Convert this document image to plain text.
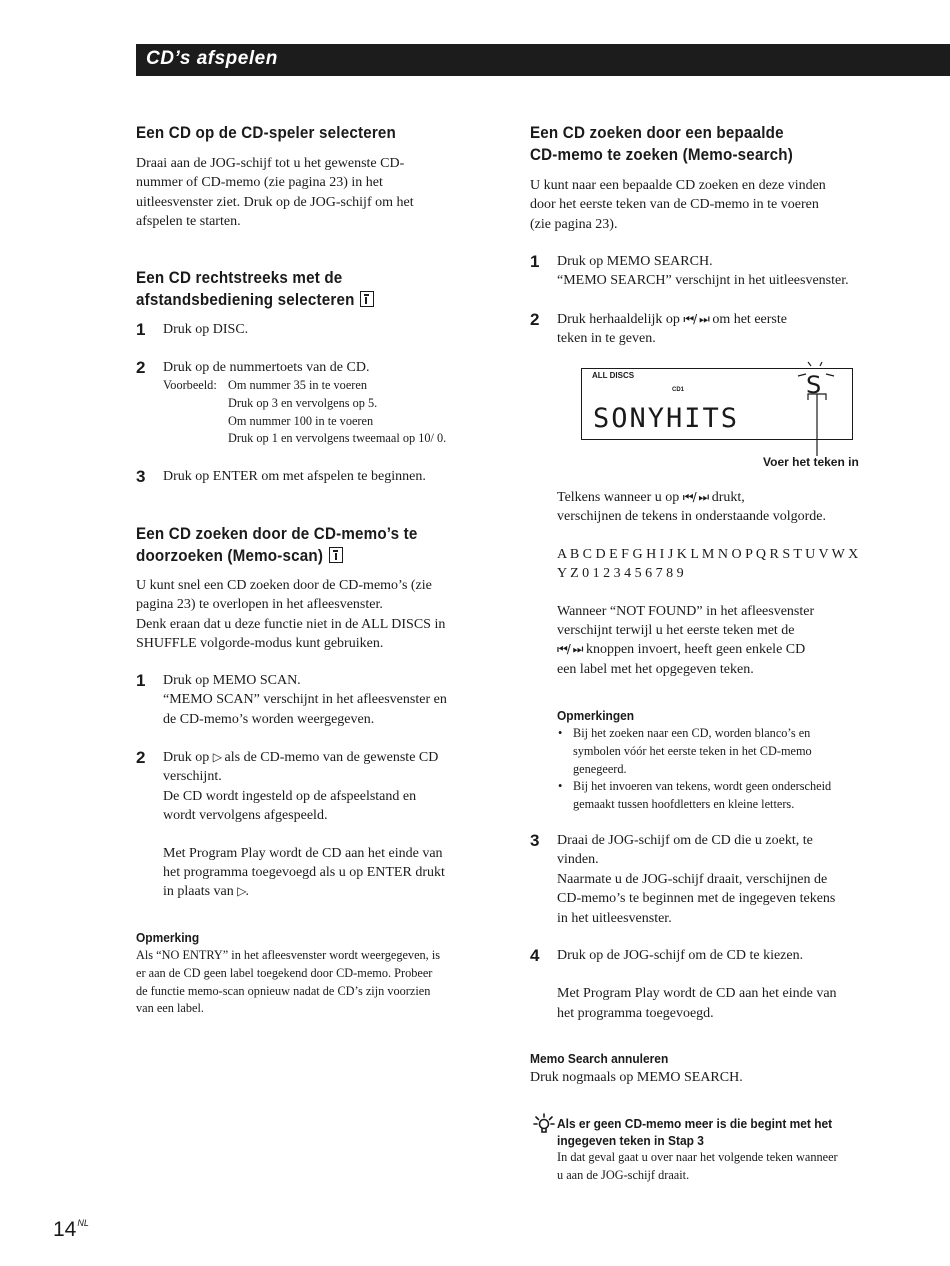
CD’s afspelen
Een CD op de CD-speler selecteren

Draai aan de JOG-schijf tot u het gewenste CD-

nummer of CD-memo (zie pagina 23) in het

uitleesvenster ziet. Druk op de JOG-schijf om het

afspelen te starten.

Een CD rechtstreeks met de
afstandsbediening selecteren
1 Druk op DISC.
2 Druk op de nummertoets van de CD.
Voorbeeld: Om nummer 35 in te voeren

Druk op 3 en vervolgens op 5.

Om nummer 100 in te voeren

Druk op 1 en vervolgens tweemaal op 10/ 0.

3 Druk op ENTER om met afspelen te beginnen.
Een CD zoeken door de CD-memo’s te
doorzoeken (Memo-scan)

U kunt snel een CD zoeken door de CD-memo’s (zie

pagina 23) te overlopen in het afleesvenster.

Denk eraan dat u deze functie niet in de ALL DISCS in

SHUFFLE volgorde-modus kunt gebruiken.

1 Druk op MEMO SCAN.

“MEMO SCAN” verschijnt in het afleesvenster en

de CD-memo’s worden weergegeven.

2 Druk op ▷ als de CD-memo van de gewenste CD

verschijnt.

De CD wordt ingesteld op de afspeelstand en

wordt vervolgens afgespeeld.

Met Program Play wordt de CD aan het einde van

het programma toegevoegd als u op ENTER drukt

in plaats van ▷.

Opmerking

Als “NO ENTRY” in het afleesvenster wordt weergegeven, is

er aan de CD geen label toegekend door CD-memo. Probeer

de functie memo-scan opnieuw nadat de CD’s zijn voorzien

van een label.

Een CD zoeken door een bepaalde
CD-memo te zoeken (Memo-search)

U kunt naar een bepaalde CD zoeken en deze vinden

door het eerste teken van de CD-memo in te voeren

(zie pagina 23).

1 Druk op MEMO SEARCH.

“MEMO SEARCH” verschijnt in het uitleesvenster.

2 Druk herhaaldelijk op ⏮/ ⏭ om het eerste

teken in te geven.

Telkens wanneer u op ⏮/ ⏭ drukt,

verschijnen de tekens in onderstaande volgorde.

A B C D E F G H I J K L M N O P Q R S T U V W X

Y Z 0 1 2 3 4 5 6 7 8 9

Wanneer “NOT FOUND” in het afleesvenster

verschijnt terwijl u het eerste teken met de

⏮/ ⏭ knoppen invoert, heeft geen enkele CD

een label met het opgegeven teken.

Opmerkingen

• Bij het zoeken naar een CD, worden blanco’s en

symbolen vóór het eerste teken in het CD-memo

genegeerd.

• Bij het invoeren van tekens, wordt geen onderscheid

gemaakt tussen hoofdletters en kleine letters.

3 Draai de JOG-schijf om de CD die u zoekt, te

vinden.

Naarmate u de JOG-schijf draait, verschijnen de

CD-memo’s te beginnen met de ingegeven tekens

in het uitleesvenster.

4 Druk op de JOG-schijf om de CD te kiezen.

Met Program Play wordt de CD aan het einde van

het programma toegevoegd.

Memo Search annuleren

Druk nogmaals op MEMO SEARCH.

Als er geen CD-memo meer is die begint met het
ingegeven teken in Stap 3

In dat geval gaat u over naar het volgende teken wanneer

u aan de JOG-schijf draait.

ALL DISCS
CD1
SONYHITS
S
Voer het teken in
$14^{NL}$
